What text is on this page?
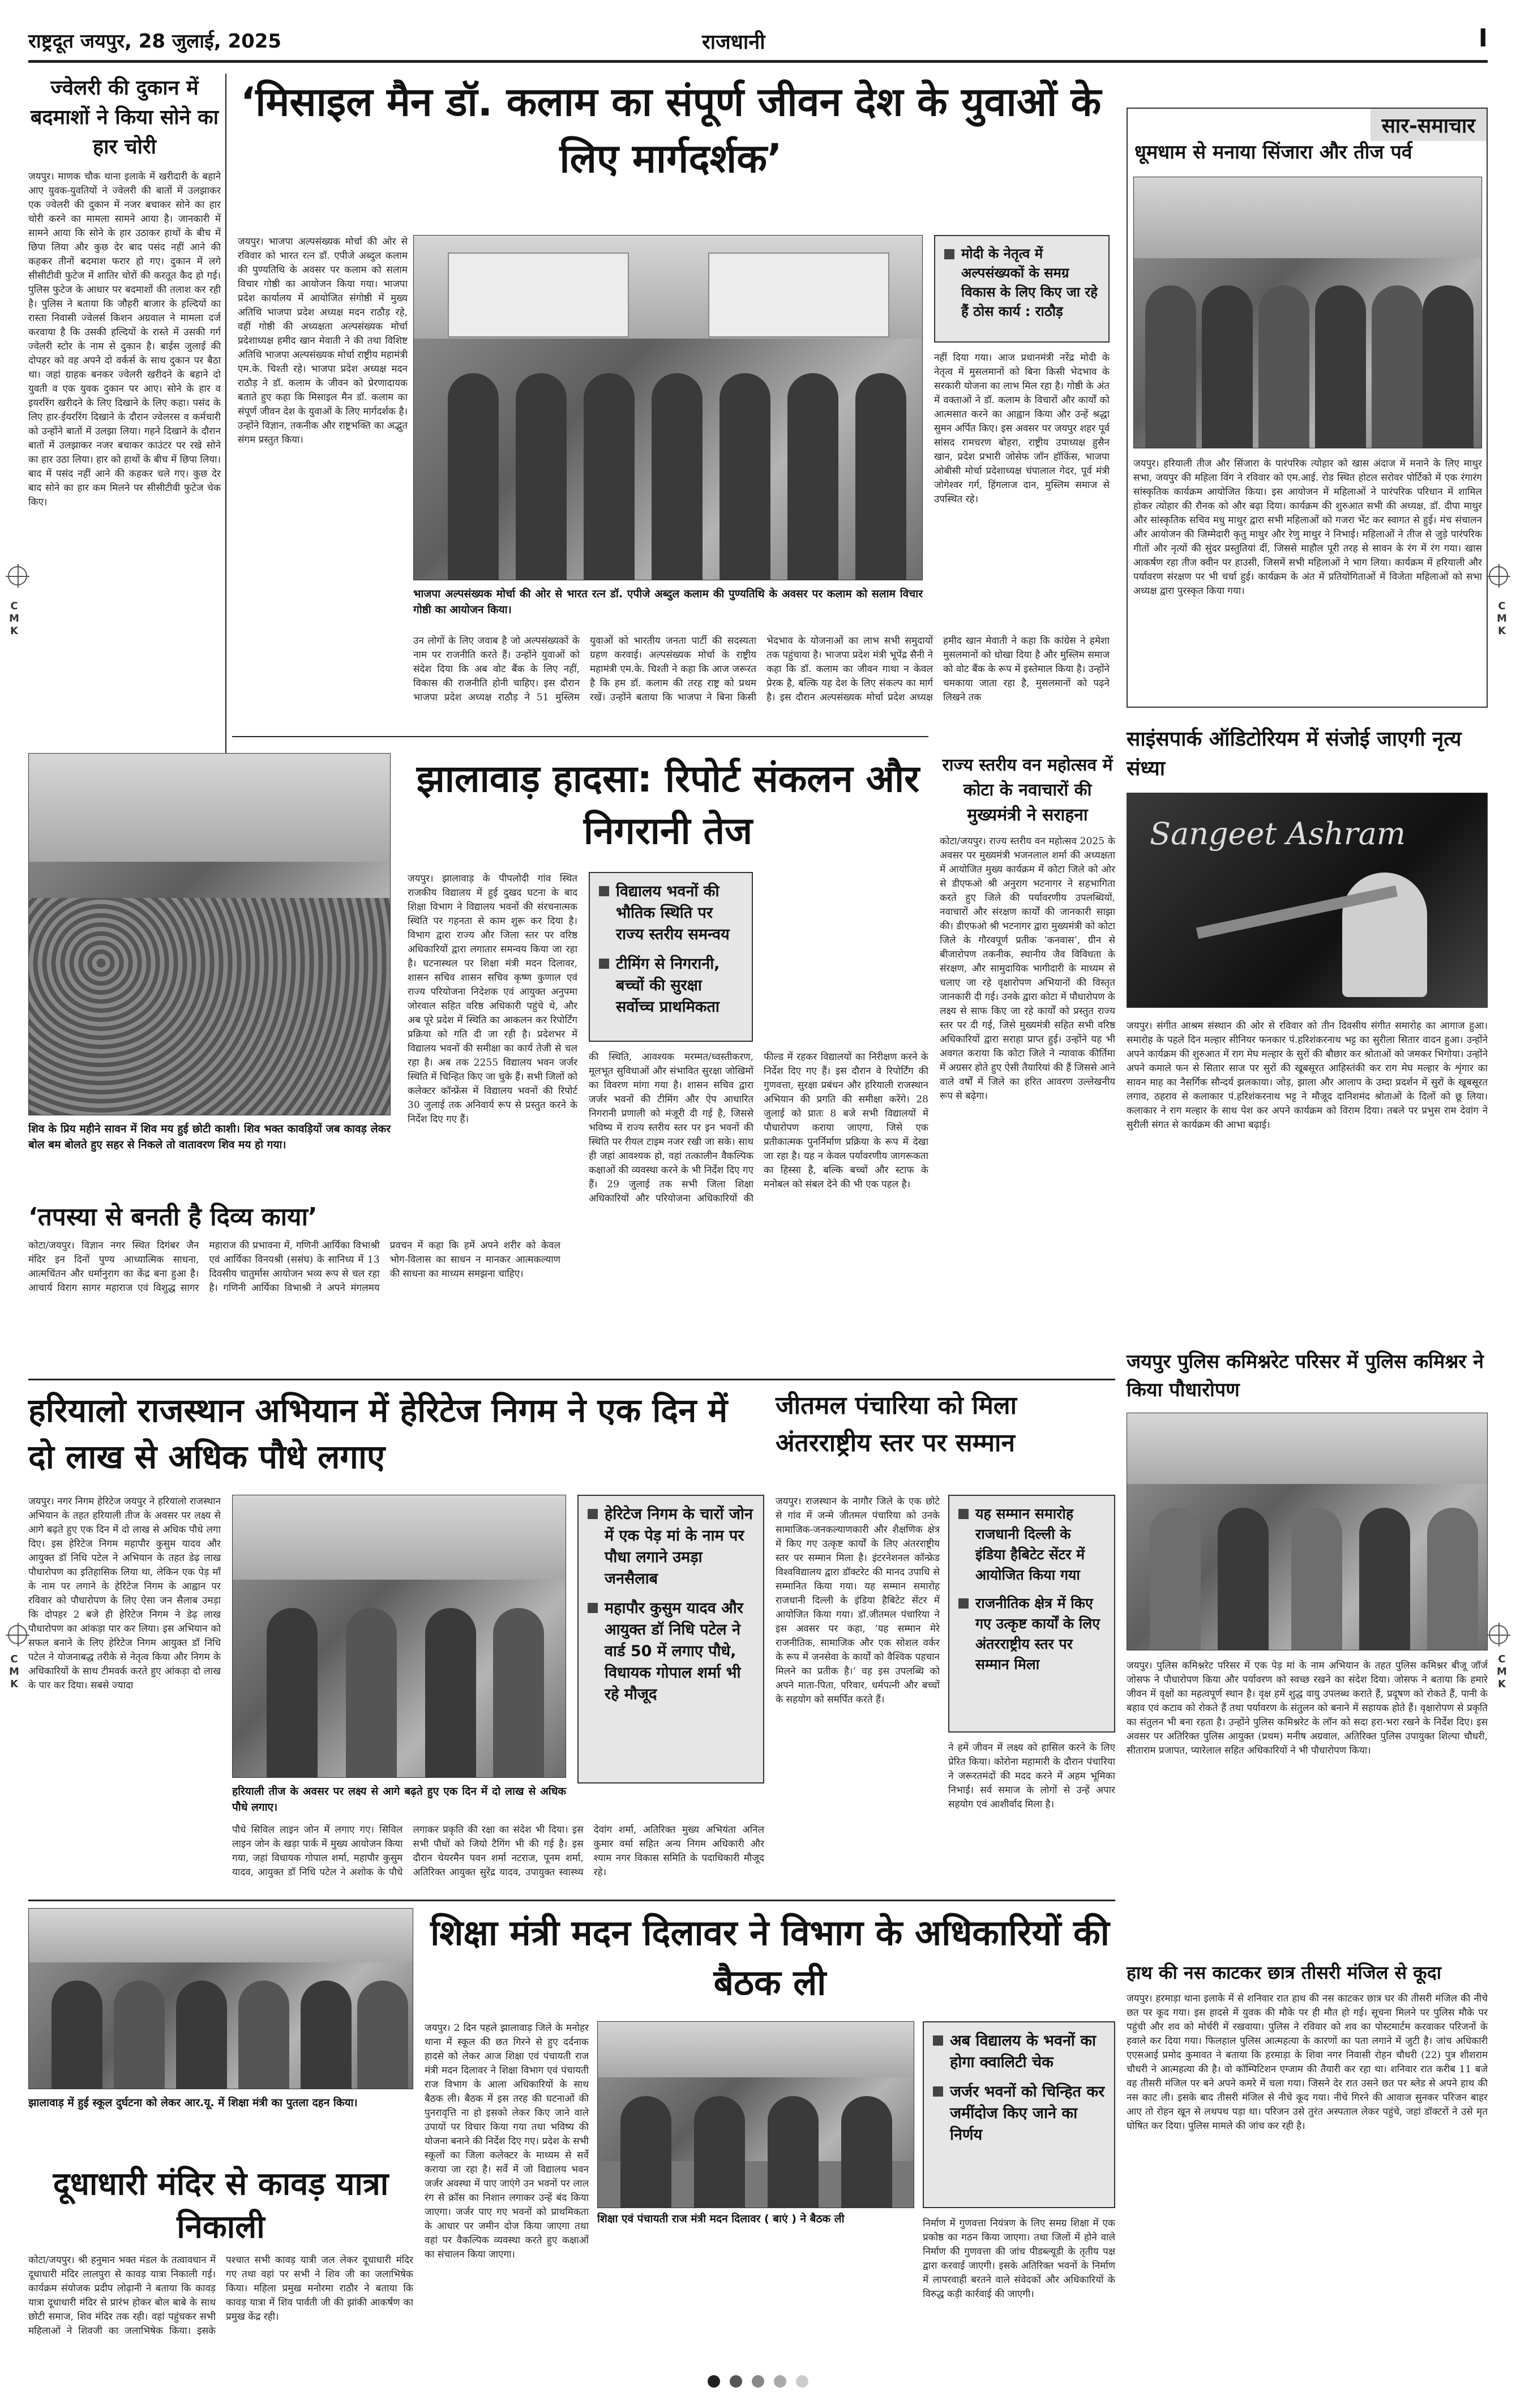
राष्ट्रदूत जयपुर, 28 जुलाई, 2025	राजधानी	I
C
M
K
C
M
K
C
M
K
C
M
K
ज्वेलरी की दुकान में बदमाशों ने किया सोने का हार चोरी
जयपुर। माणक चौक थाना इलाके में खरीदारी के बहाने आए युवक-युवतियों ने ज्वेलरी की बातों में उलझाकर एक ज्वेलरी की दुकान में नजर बचाकर सोने का हार चोरी करने का मामला सामने आया है। जानकारी में सामने आया कि सोने के हार उठाकर हाथों के बीच में छिपा लिया और कुछ देर बाद पसंद नहीं आने की कहकर तीनों बदमाश फरार हो गए। दुकान में लगे सीसीटीवी फुटेज में शातिर चोरों की करतूत कैद हो गई। पुलिस फुटेज के आधार पर बदमाशों की तलाश कर रही है। पुलिस ने बताया कि जौहरी बाजार के हल्दियों का रास्ता निवासी ज्वेलर्स किशन अग्रवाल ने मामला दर्ज करवाया है कि उसकी हल्दियों के रास्ते में उसकी गर्ग ज्वेलरी स्टोर के नाम से दुकान है। बाईस जुलाई की दोपहर को वह अपने दो वर्कर्स के साथ दुकान पर बैठा था। जहां ग्राहक बनकर ज्वेलरी खरीदने के बहाने दो युवती व एक युवक दुकान पर आए। सोने के हार व इयररिंग खरीदने के लिए दिखाने के लिए कहा। पसंद के लिए हार-ईयररिंग दिखाने के दौरान ज्वेलरस व कर्मचारी को उन्होंने बातों में उलझा लिया। गहने दिखाने के दौरान बातों में उलझाकर नजर बचाकर काउंटर पर रखे सोने का हार उठा लिया। हार को हाथों के बीच में छिपा लिया। बाद में पसंद नहीं आने की कहकर चले गए। कुछ देर बाद सोने का हार कम मिलने पर सीसीटीवी फुटेज चेक किए।
‘मिसाइल मैन डॉ. कलाम का संपूर्ण जीवन देश के युवाओं के लिए मार्गदर्शक’
जयपुर। भाजपा अल्पसंख्यक मोर्चा की ओर से रविवार को भारत रत्न डॉ. एपीजे अब्दुल कलाम की पुण्यतिथि के अवसर पर कलाम को सलाम विचार गोष्ठी का आयोजन किया गया। भाजपा प्रदेश कार्यालय में आयोजित संगोष्ठी में मुख्य अतिथि भाजपा प्रदेश अध्यक्ष मदन राठौड़ रहे, वहीं गोष्ठी की अध्यक्षता अल्पसंख्यक मोर्चा प्रदेशाध्यक्ष हमीद खान मेवाती ने की तथा विशिष्ट अतिथि भाजपा अल्पसंख्यक मोर्चा राष्ट्रीय महामंत्री एम.के. चिश्ती रहे। भाजपा प्रदेश अध्यक्ष मदन राठौड़ ने डॉ. कलाम के जीवन को प्रेरणादायक बताते हुए कहा कि मिसाइल मैन डॉ. कलाम का संपूर्ण जीवन देश के युवाओं के लिए मार्गदर्शक है। उन्होंने विज्ञान, तकनीक और राष्ट्रभक्ति का अद्भुत संगम प्रस्तुत किया।
भाजपा अल्पसंख्यक मोर्चा की ओर से भारत रत्न डॉ. एपीजे अब्दुल कलाम की पुण्यतिथि के अवसर पर कलाम को सलाम विचार गोष्ठी का आयोजन किया।
उन लोगों के लिए जवाब है जो अल्पसंख्यकों के नाम पर राजनीति करते हैं। उन्होंने युवाओं को संदेश दिया कि अब वोट बैंक के लिए नहीं, विकास की राजनीति होनी चाहिए। इस दौरान भाजपा प्रदेश अध्यक्ष राठौड़ ने 51 मुस्लिम युवाओं को भारतीय जनता पार्टी की सदस्यता ग्रहण करवाई। अल्पसंख्यक मोर्चा के राष्ट्रीय महामंत्री एम.के. चिश्ती ने कहा कि आज जरूरत है कि हम डॉ. कलाम की तरह राष्ट्र को प्रथम रखें। उन्होंने बताया कि भाजपा ने बिना किसी भेदभाव के योजनाओं का लाभ सभी समुदायों तक पहुंचाया है। भाजपा प्रदेश मंत्री भूपेंद्र सैनी ने कहा कि डॉ. कलाम का जीवन गाथा न केवल प्रेरक है, बल्कि यह देश के लिए संकल्प का मार्ग है। इस दौरान अल्पसंख्यक मोर्चा प्रदेश अध्यक्ष हमीद खान मेवाती ने कहा कि कांग्रेस ने हमेशा मुसलमानों को धोखा दिया है और मुस्लिम समाज को वोट बैंक के रूप में इस्तेमाल किया है। उन्होंने चमकाया जाता रहा है, मुसलमानों को पढ़ने लिखने तक
मोदी के नेतृत्व में अल्पसंख्यकों के समग्र विकास के लिए किए जा रहे हैं ठोस कार्य : राठौड़
नहीं दिया गया। आज प्रधानमंत्री नरेंद्र मोदी के नेतृत्व में मुसलमानों को बिना किसी भेदभाव के सरकारी योजना का लाभ मिल रहा है। गोष्ठी के अंत में वक्ताओं ने डॉ. कलाम के विचारों और कार्यों को आत्मसात करने का आह्वान किया और उन्हें श्रद्धा सुमन अर्पित किए। इस अवसर पर जयपुर शहर पूर्व सांसद रामचरण बोहरा, राष्ट्रीय उपाध्यक्ष हुसैन खान, प्रदेश प्रभारी जोसेफ जॉन हॉकिंस, भाजपा ओबीसी मोर्चा प्रदेशाध्यक्ष चंपालाल गेदर, पूर्व मंत्री जोगेश्वर गर्ग, हिंगलाज दान, मुस्लिम समाज से उपस्थित रहे।
सार-समाचार
धूमधाम से मनाया सिंजारा और तीज पर्व
जयपुर। हरियाली तीज और सिंजारा के पारंपरिक त्योहार को खास अंदाज में मनाने के लिए माथुर सभा, जयपुर की महिला विंग ने रविवार को एम.आई. रोड स्थित होटल सरोवर पोर्टिको में एक रंगारंग सांस्कृतिक कार्यक्रम आयोजित किया। इस आयोजन में महिलाओं ने पारंपरिक परिधान में शामिल होकर त्योहार की रौनक को और बढ़ा दिया। कार्यक्रम की शुरुआत सभी की अध्यक्ष, डॉ. दीपा माथुर और सांस्कृतिक सचिव मधु माथुर द्वारा सभी महिलाओं को गजरा भेंट कर स्वागत से हुई। मंच संचालन और आयोजन की जिम्मेदारी कृतु माथुर और रेणु माथुर ने निभाई। महिलाओं ने तीज से जुड़े पारंपरिक गीतों और नृत्यों की सुंदर प्रस्तुतियां दीं, जिससे माहौल पूरी तरह से सावन के रंग में रंग गया। खास आकर्षण रहा तीज क्वीन पर हाउसी, जिसमें सभी महिलाओं ने भाग लिया। कार्यक्रम में हरियाली और पर्यावरण संरक्षण पर भी चर्चा हुई। कार्यक्रम के अंत में प्रतियोगिताओं में विजेता महिलाओं को सभा अध्यक्ष द्वारा पुरस्कृत किया गया।
साइंसपार्क ऑडिटोरियम में संजोई जाएगी नृत्य संध्या
Sangeet Ashram
जयपुर। संगीत आश्रम संस्थान की ओर से रविवार को तीन दिवसीय संगीत समारोह का आगाज हुआ। समारोह के पहले दिन मल्हार सीनियर फनकार पं.हरिशंकरनाथ भट्ट का सुरीला सितार वादन हुआ। उन्होंने अपने कार्यक्रम की शुरुआत में राग मेघ मल्हार के सुरों की बौछार कर श्रोताओं को जमकर भिगोया। उन्होंने अपने कमाले फन से सितार साज पर सुरों की खूबसूरत आहिस्तंकी कर राग मेघ मल्हार के शृंगार का सावन माह का नैसर्गिक सौन्दर्य झलकाया। जोड़, झाला और आलाप के उम्दा प्रदर्शन में सुरों के खूबसूरत लगाव, ठहराव से कलाकार पं.हरिशंकरनाथ भट्ट ने मौजूद दानिशमंद श्रोताओं के दिलों को छू लिया। कलाकार ने राग मल्हार के साथ पेश कर अपने कार्यक्रम को विराम दिया। तबले पर प्रभुस राम देवांग ने सुरीली संगत से कार्यक्रम की आभा बढ़ाई।
शिव के प्रिय महीने सावन में शिव मय हुई छोटी काशी। शिव भक्त कावड़ियों जब कावड़ लेकर बोल बम बोलते हुए सहर से निकले तो वातावरण शिव मय हो गया।
झालावाड़ हादसा: रिपोर्ट संकलन और निगरानी तेज
जयपुर। झालावाड़ के पीपलोदी गांव स्थित राजकीय विद्यालय में हुई दुखद घटना के बाद शिक्षा विभाग ने विद्यालय भवनों की संरचनात्मक स्थिति पर गहनता से काम शुरू कर दिया है। विभाग द्वारा राज्य और जिला स्तर पर वरिष्ठ अधिकारियों द्वारा लगातार समन्वय किया जा रहा है। घटनास्थल पर शिक्षा मंत्री मदन दिलावर, शासन सचिव शासन सचिव कृष्ण कुणाल एवं राज्य परियोजना निदेशक एवं आयुक्त अनुपमा जोरवाल सहित वरिष्ठ अधिकारी पहुंचे थे, और अब पूरे प्रदेश में स्थिति का आकलन कर रिपोर्टिंग प्रक्रिया को गति दी जा रही है। प्रदेशभर में विद्यालय भवनों की समीक्षा का कार्य तेजी से चल रहा है। अब तक 2255 विद्यालय भवन जर्जर स्थिति में चिन्हित किए जा चुके हैं। सभी जिलों को कलेक्टर कॉन्फ्रेंस में विद्यालय भवनों की रिपोर्ट 30 जुलाई तक अनिवार्य रूप से प्रस्तुत करने के निर्देश दिए गए हैं।
विद्यालय भवनों की भौतिक स्थिति पर राज्य स्तरीय समन्वय
टीमिंग से निगरानी, बच्चों की सुरक्षा सर्वोच्च प्राथमिकता
की स्थिति, आवश्यक मरम्मत/ध्वस्तीकरण, मूलभूत सुविधाओं और संभावित सुरक्षा जोखिमों का विवरण मांगा गया है। शासन सचिव द्वारा जर्जर भवनों की टीमिंग और ऐप आधारित निगरानी प्रणाली को मंजूरी दी गई है, जिससे भविष्य में राज्य स्तरीय स्तर पर इन भवनों की स्थिति पर रीयल टाइम नजर रखी जा सके। साथ ही जहां आवश्यक हो, वहां तत्कालीन वैकल्पिक कक्षाओं की व्यवस्था करने के भी निर्देश दिए गए हैं। 29 जुलाई तक सभी जिला शिक्षा अधिकारियों और परियोजना अधिकारियों की फील्ड में रहकर विद्यालयों का निरीक्षण करने के निर्देश दिए गए हैं। इस दौरान वे रिपोर्टिंग की गुणवत्ता, सुरक्षा प्रबंधन और हरियाली राजस्थान अभियान की प्रगति की समीक्षा करेंगे। 28 जुलाई को प्रातः 8 बजे सभी विद्यालयों में पौधारोपण कराया जाएगा, जिसे एक प्रतीकात्मक पुनर्निर्माण प्रक्रिया के रूप में देखा जा रहा है। यह न केवल पर्यावरणीय जागरूकता का हिस्सा है, बल्कि बच्चों और स्टाफ के मनोबल को संबल देने की भी एक पहल है।
राज्य स्तरीय वन महोत्सव में कोटा के नवाचारों की मुख्यमंत्री ने सराहना
कोटा/जयपुर। राज्य स्तरीय वन महोत्सव 2025 के अवसर पर मुख्यमंत्री भजनलाल शर्मा की अध्यक्षता में आयोजित मुख्य कार्यक्रम में कोटा जिले को ओर से डीएफओ श्री अनुराग भटनागर ने सहभागिता करते हुए जिले की पर्यावरणीय उपलब्धियों, नवाचारों और संरक्षण कार्यों की जानकारी साझा की। डीएफओ श्री भटनागर द्वारा मुख्यमंत्री को कोटा जिले के गौरवपूर्ण प्रतीक ‘कनवास’, ग्रीन से बीजारोपण तकनीक, स्थानीय जैव विविधता के संरक्षण, और सामुदायिक भागीदारी के माध्यम से चलाए जा रहे वृक्षारोपण अभियानों की विस्तृत जानकारी दी गई। उनके द्वारा कोटा में पौधारोपण के लक्ष्य से साफ किए जा रहे कार्यों को प्रस्तुत राज्य स्तर पर दी गई, जिसे मुख्यमंत्री सहित सभी वरिष्ठ अधिकारियों द्वारा सराहा प्राप्त हुई। उन्होंने यह भी अवगत कराया कि कोटा जिले ने न्यावाक कीर्तिमा में अग्रसर होते हुए ऐसी तैयारियां की हैं जिससे आने वाले वर्षों में जिले का हरित आवरण उल्लेखनीय रूप से बढ़ेगा।
‘तपस्या से बनती है दिव्य काया’
कोटा/जयपुर। विज्ञान नगर स्थित दिगंबर जैन मंदिर इन दिनों पुण्य आध्यात्मिक साधना, आत्मचिंतन और धर्मानुराग का केंद्र बना हुआ है। आचार्य विराग सागर महाराज एवं विशुद्ध सागर महाराज की प्रभावना में, गणिनी आर्यिका विभाश्री एवं आर्यिका विनयश्री (ससंघ) के सानिध्य में 13 दिवसीय चातुर्मास आयोजन भव्य रूप से चल रहा है। गणिनी आर्यिका विभाश्री ने अपने मंगलमय प्रवचन में कहा कि हमें अपने शरीर को केवल भोग-विलास का साधन न मानकर आत्मकल्याण की साधना का माध्यम समझना चाहिए।
जयपुर पुलिस कमिश्नरेट परिसर में पुलिस कमिश्नर ने किया पौधारोपण
जयपुर। पुलिस कमिश्नरेट परिसर में एक पेड़ मां के नाम अभियान के तहत पुलिस कमिश्नर बीजू जॉर्ज जोसफ ने पौधारोपण किया और पर्यावरण को स्वच्छ रखने का संदेश दिया। जोसफ ने बताया कि हमारे जीवन में वृक्षों का महत्वपूर्ण स्थान है। वृक्ष हमें शुद्ध वायु उपलब्ध कराते हैं, प्रदूषण को रोकते हैं, पानी के बहाव एवं कटाव को रोकते हैं तथा पर्यावरण के संतुलन को बनाने में सहायक होते हैं। वृक्षारोपण से प्रकृति का संतुलन भी बना रहता है। उन्होंने पुलिस कमिश्नरेट के लॉन को सदा हरा-भरा रखने के निर्देश दिए। इस अवसर पर अतिरिक्त पुलिस आयुक्त (प्रथम) मनीष अग्रवाल, अतिरिक्त पुलिस उपायुक्त शिल्पा चौधरी, सीताराम प्रजापत, प्यारेलाल सहित अधिकारियों ने भी पौधारोपण किया।
हरियालो राजस्थान अभियान में हेरिटेज निगम ने एक दिन में दो लाख से अधिक पौधे लगाए
जयपुर। नगर निगम हेरिटेज जयपुर ने हरियालो राजस्थान अभियान के तहत हरियाली तीज के अवसर पर लक्ष्य से आगे बढ़ते हुए एक दिन में दो लाख से अधिक पौधे लगा दिए। इस हेरिटेज निगम महापौर कुसुम यादव और आयुक्त डॉ निधि पटेल ने अभियान के तहत डेढ़ लाख पौधारोपण का इतिहासिक लिया था, लेकिन एक पेड़ माँ के नाम पर लगाने के हेरिटेज निगम के आह्वान पर रविवार को पौधारोपण के लिए ऐसा जन सैलाब उमड़ा कि दोपहर 2 बजे ही हेरिटेज निगम ने डेढ़ लाख पौधारोपण का आंकड़ा पार कर लिया। इस अभियान को सफल बनाने के लिए हेरिटेज निगम आयुक्त डॉ निधि पटेल ने योजनाबद्ध तरीके से नेतृत्व किया और निगम के अधिकारियों के साथ टीमवर्क करते हुए आंकड़ा दो लाख के पार कर दिया। सबसे ज्यादा
हरियाली तीज के अवसर पर लक्ष्य से आगे बढ़ते हुए एक दिन में दो लाख से अधिक पौधे लगाए।
हेरिटेज निगम के चारों जोन में एक पेड़ मां के नाम पर पौधा लगाने उमड़ा जनसैलाब
महापौर कुसुम यादव और आयुक्त डॉ निधि पटेल ने वार्ड 50 में लगाए पौधे, विधायक गोपाल शर्मा भी रहे मौजूद
पौधे सिविल लाइन जोन में लगाए गए। सिविल लाइन जोन के खड़ा पार्क में मुख्य आयोजन किया गया, जहां विधायक गोपाल शर्मा, महापौर कुसुम यादव, आयुक्त डॉ निधि पटेल ने अशोक के पौधे लगाकर प्रकृति की रक्षा का संदेश भी दिया। इस सभी पौधों को जियो टैगिंग भी की गई है। इस दौरान चेयरमैन पवन शर्मा नटराज, पूनम शर्मा, अतिरिक्त आयुक्त सुरेंद्र यादव, उपायुक्त स्वास्थ्य देवांग शर्मा, अतिरिक्त मुख्य अभियंता अनिल कुमार वर्मा सहित अन्य निगम अधिकारी और श्याम नगर विकास समिति के पदाधिकारी मौजूद रहे।
जीतमल पंचारिया को मिला अंतरराष्ट्रीय स्तर पर सम्मान
जयपुर। राजस्थान के नागौर जिले के एक छोटे से गांव में जन्मे जीतमल पंचारिया को उनके सामाजिक-जनकल्याणकारी और शैक्षणिक क्षेत्र में किए गए उत्कृष्ट कार्यों के लिए अंतरराष्ट्रीय स्तर पर सम्मान मिला है। इंटरनेशनल कॉन्फ्रेड विश्वविद्यालय द्वारा डॉक्टरेट की मानद उपाधि से सम्मानित किया गया। यह सम्मान समारोह राजधानी दिल्ली के इंडिया हैबिटेट सेंटर में आयोजित किया गया। डॉ.जीतमल पंचारिया ने इस अवसर पर कहा, ‘यह सम्मान मेरे राजनीतिक, सामाजिक और एक सोशल वर्कर के रूप में जनसेवा के कार्यों को वैश्विक पहचान मिलने का प्रतीक है।’ वह इस उपलब्धि को अपने माता-पिता, परिवार, धर्मपत्नी और बच्चों के सहयोग को समर्पित करते हैं।
यह सम्मान समारोह राजधानी दिल्ली के इंडिया हैबिटेट सेंटर में आयोजित किया गया
राजनीतिक क्षेत्र में किए गए उत्कृष्ट कार्यों के लिए अंतरराष्ट्रीय स्तर पर सम्मान मिला
ने हमें जीवन में लक्ष्य को हासिल करने के लिए प्रेरित किया। कोरोना महामारी के दौरान पंचारिया ने जरूरतमंदों की मदद करने में अहम भूमिका निभाई। सर्व समाज के लोगों से उन्हें अपार सहयोग एवं आशीर्वाद मिला है।
हाथ की नस काटकर छात्र तीसरी मंजिल से कूदा
जयपुर। हरमाड़ा थाना इलाके में से शनिवार रात हाथ की नस काटकर छात्र घर की तीसरी मंजिल की नीचे छत पर कूद गया। इस हादसे में युवक की मौके पर ही मौत हो गई। सूचना मिलने पर पुलिस मौके पर पहुंची और शव को मोर्चरी में रखवाया। पुलिस ने रविवार को शव का पोस्टमार्टम करवाकर परिजनों के हवाले कर दिया गया। फिलहाल पुलिस आत्महत्या के कारणों का पता लगाने में जुटी है। जांच अधिकारी एएसआई प्रमोद कुमावत ने बताया कि हरमाड़ा के शिवा नगर निवासी रोहन चौधरी (22) पुत्र शीशराम चौधरी ने आत्महत्या की है। वो कॉम्पिटिशन एग्जाम की तैयारी कर रहा था। शनिवार रात करीब 11 बजे वह तीसरी मंजिल पर बने अपने कमरे में चला गया। जिसने देर रात उसने छत पर ब्लेड से अपने हाथ की नस काट ली। इसके बाद तीसरी मंजिल से नीचे कूद गया। नीचे गिरने की आवाज सुनकर परिजन बाहर आए तो रोहन खून से लथपथ पड़ा था। परिजन उसे तुरंत अस्पताल लेकर पहुंचे, जहां डॉक्टरों ने उसे मृत घोषित कर दिया। पुलिस मामले की जांच कर रही है।
झालावाड़ में हुई स्कूल दुर्घटना को लेकर आर.यू. में शिक्षा मंत्री का पुतला दहन किया।
शिक्षा मंत्री मदन दिलावर ने विभाग के अधिकारियों की बैठक ली
जयपुर। 2 दिन पहले झालावाड़ जिले के मनोहर थाना में स्कूल की छत गिरने से हुए दर्दनाक हादसे को लेकर आज शिक्षा एवं पंचायती राज मंत्री मदन दिलावर ने शिक्षा विभाग एवं पंचायती राज विभाग के आला अधिकारियों के साथ बैठक ली। बैठक में इस तरह की घटनाओं की पुनरावृत्ति ना हो इसको लेकर किए जाने वाले उपायों पर विचार किया गया तथा भविष्य की योजना बनाने की निर्देश दिए गए। प्रदेश के सभी स्कूलों का जिला कलेक्टर के माध्यम से सर्वे कराया जा रहा है। सर्वे में जो विद्यालय भवन जर्जर अवस्था में पाए जाएंगे उन भवनों पर लाल रंग से क्रॉस का निशान लगाकर उन्हें बंद किया जाएगा। जर्जर पाए गए भवनों को प्राथमिकता के आधार पर जमीन दोज किया जाएगा तथा वहां पर वैकल्पिक व्यवस्था करते हुए कक्षाओं का संचालन किया जाएगा।
शिक्षा एवं पंचायती राज मंत्री मदन दिलावर ( बाएं ) ने बैठक ली
अब विद्यालय के भवनों का होगा क्वालिटी चेक
जर्जर भवनों को चिन्हित कर जमींदोज किए जाने का निर्णय
निर्माण में गुणवत्ता नियंत्रण के लिए समग्र शिक्षा में एक प्रकोष्ठ का गठन किया जाएगा। तथा जिलों में होने वाले निर्माण की गुणवत्ता की जांच पीडब्ल्यूडी के तृतीय पक्ष द्वारा करवाई जाएगी। इसके अतिरिक्त भवनों के निर्माण में लापरवाही बरतने वाले संवेदकों और अधिकारियों के विरुद्ध कड़ी कार्रवाई की जाएगी।
दूधाधारी मंदिर से कावड़ यात्रा निकाली
कोटा/जयपुर। श्री हनुमान भक्त मंडल के तत्वावधान में दूधाधारी मंदिर लालपुरा से कावड़ यात्रा निकाली गई। कार्यक्रम संयोजक प्रदीप लोढ़ानी ने बताया कि कावड़ यात्रा दूधाधारी मंदिर से प्रारंभ होकर बोल बाबे के साथ छोटी समाज, शिव मंदिर तक रही। वहां पहुंचकर सभी महिलाओं ने शिवजी का जलाभिषेक किया। इसके पश्चात सभी कावड़ यात्री जल लेकर दूधाधारी मंदिर गए तथा वहां पर सभी ने शिव जी का जलाभिषेक किया। महिला प्रमुख मनोरमा राठौर ने बताया कि कावड़ यात्रा में शिव पार्वती जी की झांकी आकर्षण का प्रमुख केंद्र रही।
